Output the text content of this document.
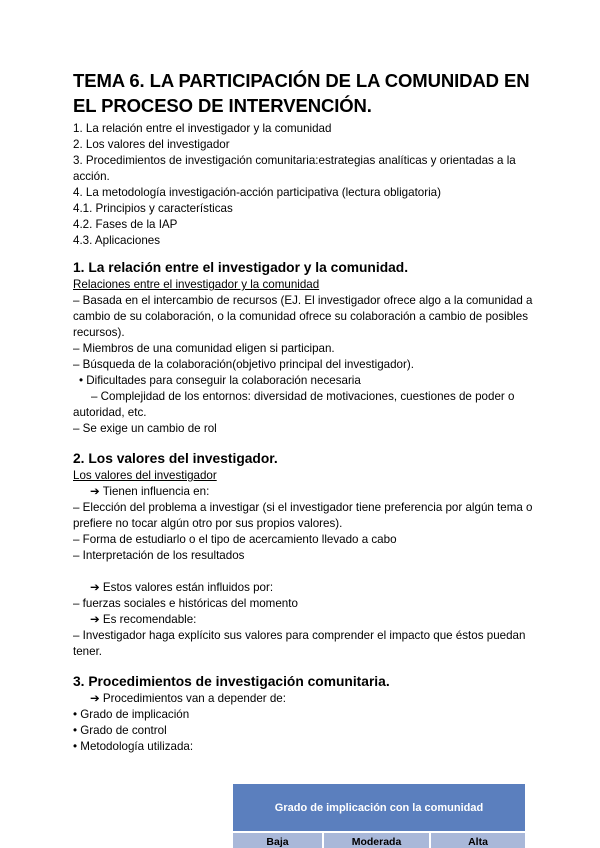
TEMA 6. LA PARTICIPACIÓN DE LA COMUNIDAD EN EL PROCESO DE INTERVENCIÓN.
1. La relación entre el investigador y la comunidad
2. Los valores del investigador
3. Procedimientos de investigación comunitaria:estrategias analíticas y orientadas a la acción.
4. La metodología investigación-acción participativa (lectura obligatoria)
4.1. Principios y características
4.2. Fases de la IAP
4.3. Aplicaciones
1. La relación entre el investigador y la comunidad.
Relaciones entre el investigador y la comunidad
– Basada en el intercambio de recursos (EJ. El investigador ofrece algo a la comunidad a cambio de su colaboración, o la comunidad ofrece su colaboración a cambio de posibles recursos).
– Miembros de una comunidad eligen si participan.
– Búsqueda de la colaboración(objetivo principal del investigador).
• Dificultades para conseguir la colaboración necesaria
– Complejidad de los entornos: diversidad de motivaciones, cuestiones de poder o autoridad, etc.
– Se exige un cambio de rol
2. Los valores del investigador.
Los valores del investigador
➔ Tienen influencia en:
– Elección del problema a investigar (si el investigador tiene preferencia por algún tema o prefiere no tocar algún otro por sus propios valores).
– Forma de estudiarlo o el tipo de acercamiento llevado a cabo
– Interpretación de los resultados
➔ Estos valores están influidos por:
– fuerzas sociales e históricas del momento
➔ Es recomendable:
– Investigador haga explícito sus valores para comprender el impacto que éstos puedan tener.
3. Procedimientos de investigación comunitaria.
➔ Procedimientos van a depender de:
• Grado de implicación
• Grado de control
• Metodología utilizada:
Grado de implicación con la comunidad
Baja	Moderada	Alta
